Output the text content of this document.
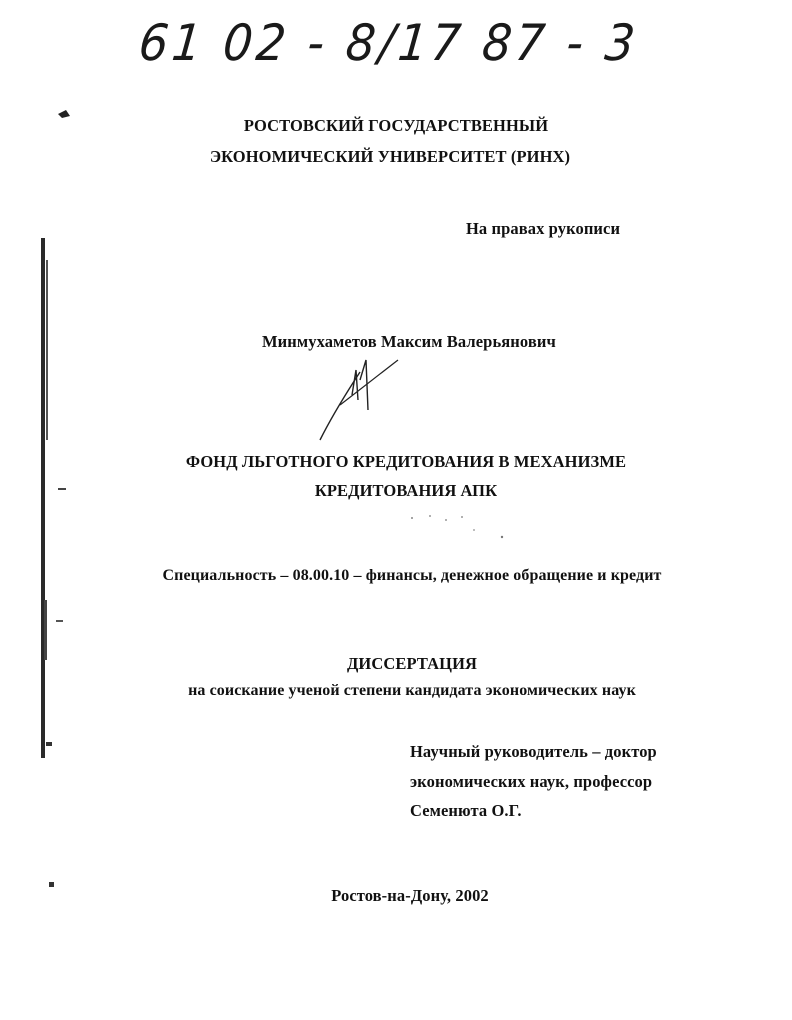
61 02 - 8/17 87 - 3
РОСТОВСКИЙ ГОСУДАРСТВЕННЫЙ
ЭКОНОМИЧЕСКИЙ УНИВЕРСИТЕТ (РИНХ)
На правах рукописи
Минмухаметов Максим Валерьянович
ФОНД ЛЬГОТНОГО КРЕДИТОВАНИЯ В МЕХАНИЗМЕ
КРЕДИТОВАНИЯ АПК
Специальность – 08.00.10 – финансы, денежное обращение и кредит
ДИССЕРТАЦИЯ
на соискание ученой степени кандидата экономических наук
Научный руководитель – доктор
экономических наук, профессор
Семенюта О.Г.
Ростов-на-Дону, 2002
